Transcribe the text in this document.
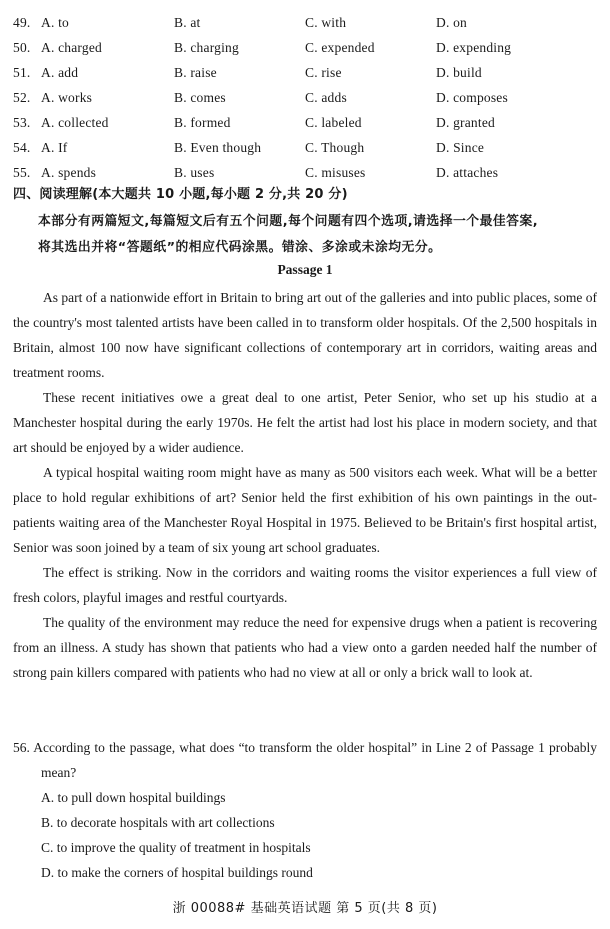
49. A. to	B. at	C. with	D. on
50. A. charged	B. charging	C. expended	D. expending
51. A. add	B. raise	C. rise	D. build
52. A. works	B. comes	C. adds	D. composes
53. A. collected	B. formed	C. labeled	D. granted
54. A. If	B. Even though	C. Though	D. Since
55. A. spends	B. uses	C. misuses	D. attaches
四、阅读理解(本大题共 10 小题,每小题 2 分,共 20 分)
本部分有两篇短文,每篇短文后有五个问题,每个问题有四个选项,请选择一个最佳答案,
将其选出并将“答题纸”的相应代码涂黑。错涂、多涂或未涂均无分。
Passage 1

As part of a nationwide effort in Britain to bring art out of the galleries and into public places, some of the country's most talented artists have been called in to transform older hospitals. Of the 2,500 hospitals in Britain, almost 100 now have significant collections of contemporary art in corridors, waiting areas and treatment rooms.

These recent initiatives owe a great deal to one artist, Peter Senior, who set up his studio at a Manchester hospital during the early 1970s. He felt the artist had lost his place in modern society, and that art should be enjoyed by a wider audience.

A typical hospital waiting room might have as many as 500 visitors each week. What will be a better place to hold regular exhibitions of art? Senior held the first exhibition of his own paintings in the out-patients waiting area of the Manchester Royal Hospital in 1975. Believed to be Britain's first hospital artist, Senior was soon joined by a team of six young art school graduates.

The effect is striking. Now in the corridors and waiting rooms the visitor experiences a full view of fresh colors, playful images and restful courtyards.

The quality of the environment may reduce the need for expensive drugs when a patient is recovering from an illness. A study has shown that patients who had a view onto a garden needed half the number of strong pain killers compared with patients who had no view at all or only a brick wall to look at.

56. According to the passage, what does “to transform the older hospital” in Line 2 of Passage 1 probably mean?
A. to pull down hospital buildings
B. to decorate hospitals with art collections
C. to improve the quality of treatment in hospitals
D. to make the corners of hospital buildings round
浙 00088# 基础英语试题 第 5 页(共 8 页)
